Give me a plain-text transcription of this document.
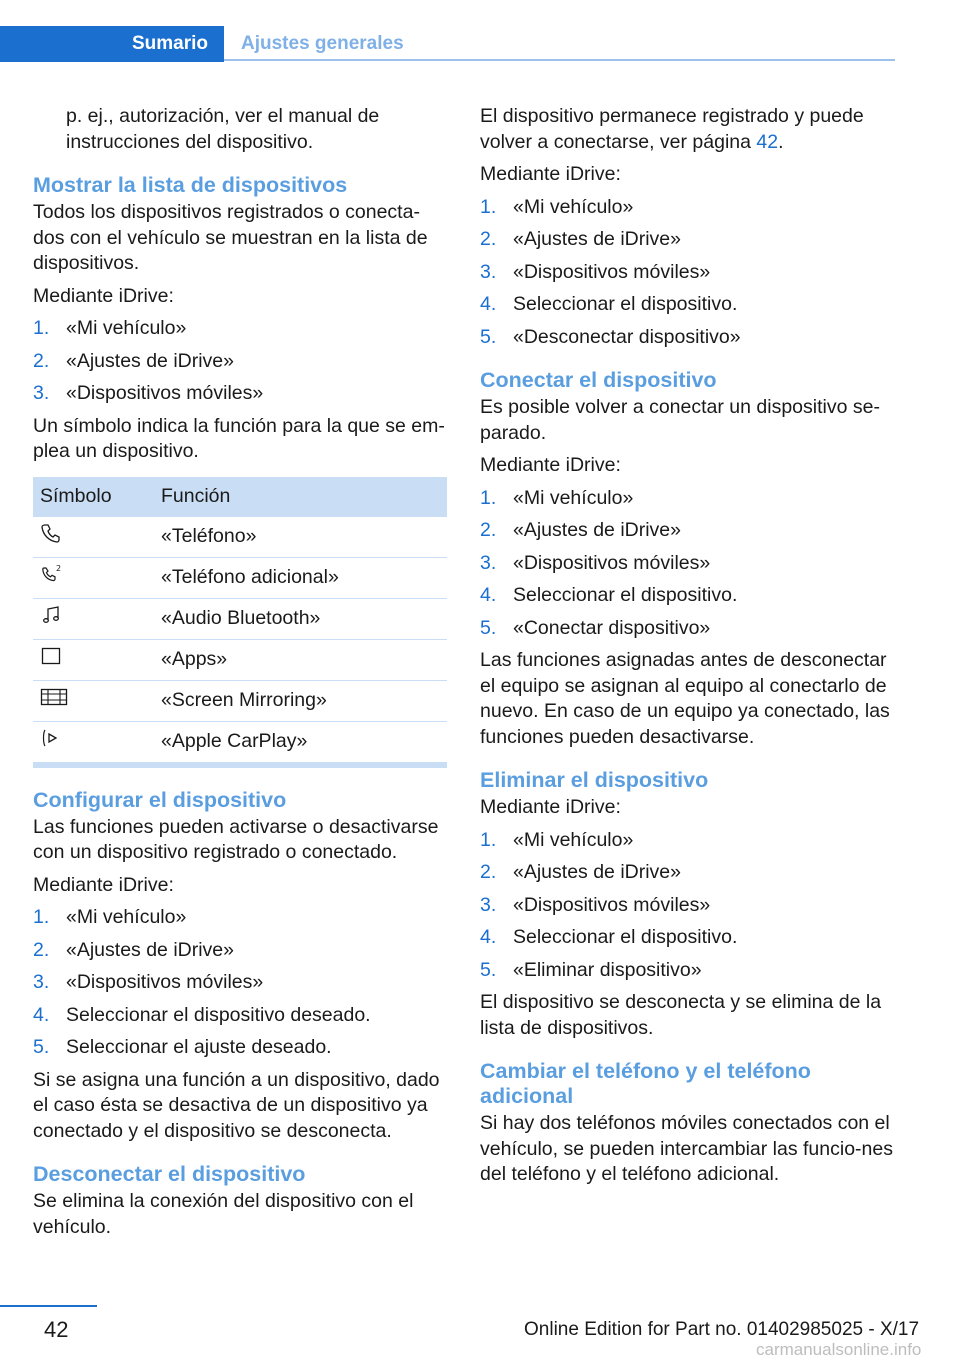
Sumario	Ajustes generales

p. ej., autorización, ver el manual de instrucciones del dispositivo.

Mostrar la lista de dispositivos

Todos los dispositivos registrados o conecta-dos con el vehículo se muestran en la lista de dispositivos.

Mediante iDrive:

1. «Mi vehículo»
2. «Ajustes de iDrive»
3. «Dispositivos móviles»

Un símbolo indica la función para la que se em-plea un dispositivo.

Símbolo	Función
	«Teléfono»

2	«Teléfono adicional»
	«Audio Bluetooth»
	«Apps»
	«Screen Mirroring»
	«Apple CarPlay»
Configurar el dispositivo

Las funciones pueden activarse o desactivarse con un dispositivo registrado o conectado.

Mediante iDrive:

1. «Mi vehículo»
2. «Ajustes de iDrive»
3. «Dispositivos móviles»
4. Seleccionar el dispositivo deseado.
5. Seleccionar el ajuste deseado.

Si se asigna una función a un dispositivo, dado el caso ésta se desactiva de un dispositivo ya conectado y el dispositivo se desconecta.

Desconectar el dispositivo

Se elimina la conexión del dispositivo con el vehículo.

El dispositivo permanece registrado y puede volver a conectarse, ver página 42.

Mediante iDrive:

1. «Mi vehículo»
2. «Ajustes de iDrive»
3. «Dispositivos móviles»
4. Seleccionar el dispositivo.
5. «Desconectar dispositivo»
Conectar el dispositivo

Es posible volver a conectar un dispositivo se-parado.

Mediante iDrive:

1. «Mi vehículo»
2. «Ajustes de iDrive»
3. «Dispositivos móviles»
4. Seleccionar el dispositivo.
5. «Conectar dispositivo»

Las funciones asignadas antes de desconectar el equipo se asignan al equipo al conectarlo de nuevo. En caso de un equipo ya conectado, las funciones pueden desactivarse.

Eliminar el dispositivo

Mediante iDrive:

1. «Mi vehículo»
2. «Ajustes de iDrive»
3. «Dispositivos móviles»
4. Seleccionar el dispositivo.
5. «Eliminar dispositivo»

El dispositivo se desconecta y se elimina de la lista de dispositivos.

Cambiar el teléfono y el teléfono adicional

Si hay dos teléfonos móviles conectados con el vehículo, se pueden intercambiar las funcio-nes del teléfono y el teléfono adicional.

42	Online Edition for Part no. 01402985025 - X/17
carmanualsonline.info
